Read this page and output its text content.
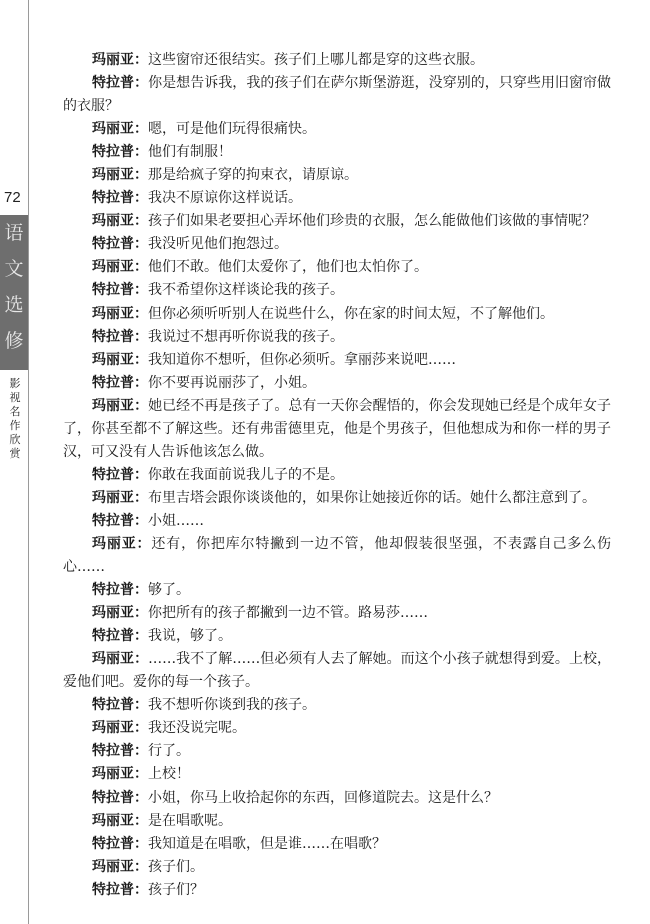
72
语
文
选
修
影
视
名
作
欣
赏

玛丽亚：这些窗帘还很结实。孩子们上哪儿都是穿的这些衣服。

特拉普：你是想告诉我，我的孩子们在萨尔斯堡游逛，没穿别的，只穿些用旧窗帘做的衣服？

玛丽亚：嗯，可是他们玩得很痛快。

特拉普：他们有制服！

玛丽亚：那是给疯子穿的拘束衣，请原谅。

特拉普：我决不原谅你这样说话。

玛丽亚：孩子们如果老要担心弄坏他们珍贵的衣服，怎么能做他们该做的事情呢？

特拉普：我没听见他们抱怨过。

玛丽亚：他们不敢。他们太爱你了，他们也太怕你了。

特拉普：我不希望你这样谈论我的孩子。

玛丽亚：但你必须听听别人在说些什么，你在家的时间太短，不了解他们。

特拉普：我说过不想再听你说我的孩子。

玛丽亚：我知道你不想听，但你必须听。拿丽莎来说吧……

特拉普：你不要再说丽莎了，小姐。

玛丽亚：她已经不再是孩子了。总有一天你会醒悟的，你会发现她已经是个成年女子了，你甚至都不了解这些。还有弗雷德里克，他是个男孩子，但他想成为和你一样的男子汉，可又没有人告诉他该怎么做。

特拉普：你敢在我面前说我儿子的不是。

玛丽亚：布里吉塔会跟你谈谈他的，如果你让她接近你的话。她什么都注意到了。

特拉普：小姐……

玛丽亚：还有，你把库尔特撇到一边不管，他却假装很坚强，不表露自己多么伤心……

特拉普：够了。

玛丽亚：你把所有的孩子都撇到一边不管。路易莎……

特拉普：我说，够了。

玛丽亚：……我不了解……但必须有人去了解她。而这个小孩子就想得到爱。上校，爱他们吧。爱你的每一个孩子。

特拉普：我不想听你谈到我的孩子。

玛丽亚：我还没说完呢。

特拉普：行了。

玛丽亚：上校！

特拉普：小姐，你马上收拾起你的东西，回修道院去。这是什么？

玛丽亚：是在唱歌呢。

特拉普：我知道是在唱歌，但是谁……在唱歌？

玛丽亚：孩子们。

特拉普：孩子们？
